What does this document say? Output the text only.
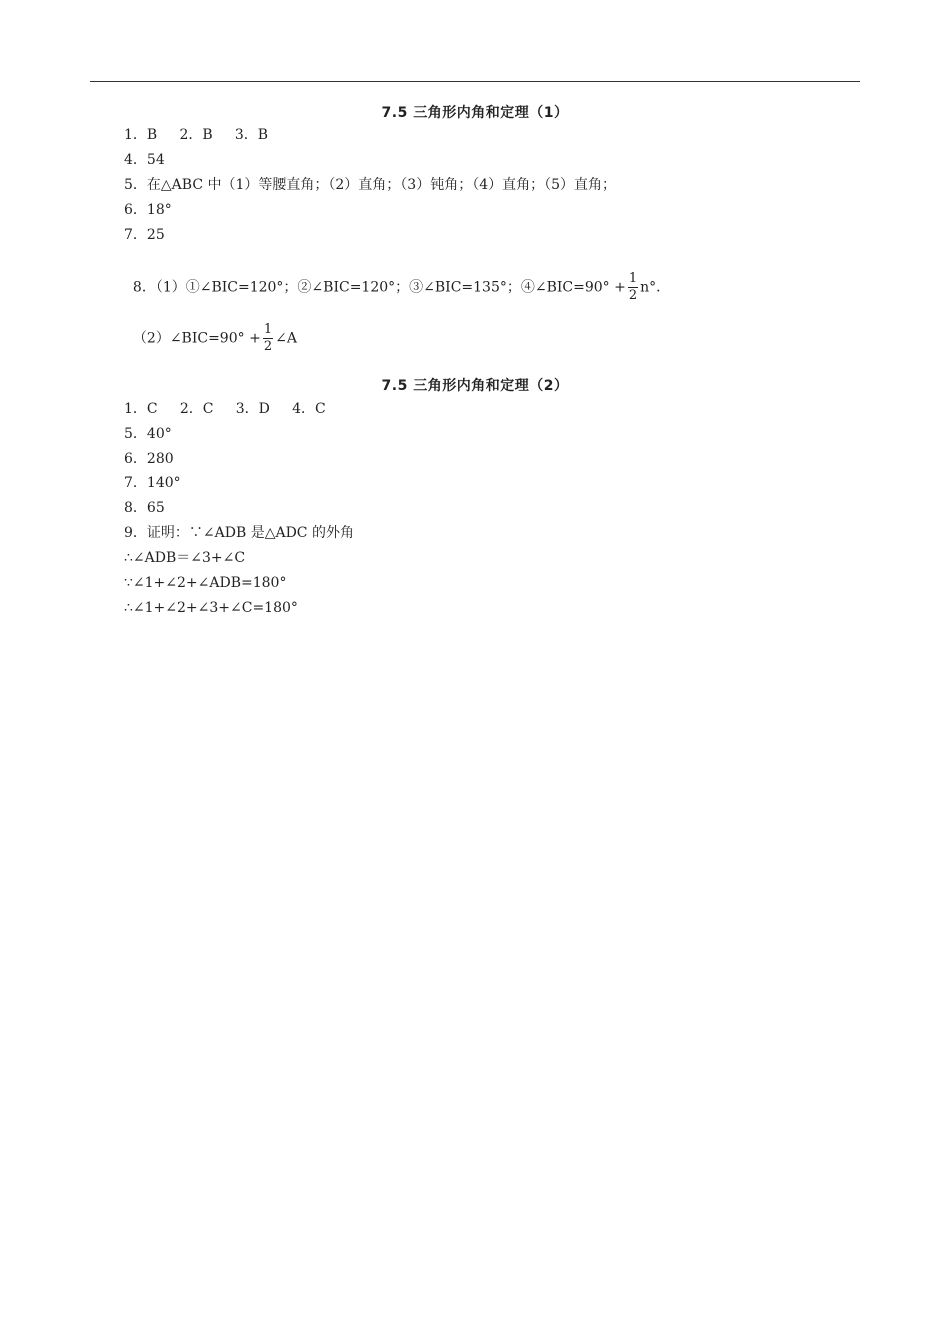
7.5 三角形内角和定理（1）
1．B     2．B     3．B
4．54
5．在△ABC 中（1）等腰直角；（2）直角；（3）钝角；（4）直角；（5）直角；
6．18°
7．25

8．（1）①∠BIC=120°；②∠BIC=120°；③∠BIC=135°；④∠BIC=90° + $\frac{1}{2} n^\circ$．

（2）∠BIC=90° + $\frac{1}{2}$ ∠A

7.5 三角形内角和定理（2）
1．C     2．C     3．D     4．C
5．40°
6．280
7．140°
8．65
9．证明：∵∠ADB 是△ADC 的外角
∴∠ADB＝∠3+∠C
∵∠1+∠2+∠ADB=180°
∴∠1+∠2+∠3+∠C=180°
